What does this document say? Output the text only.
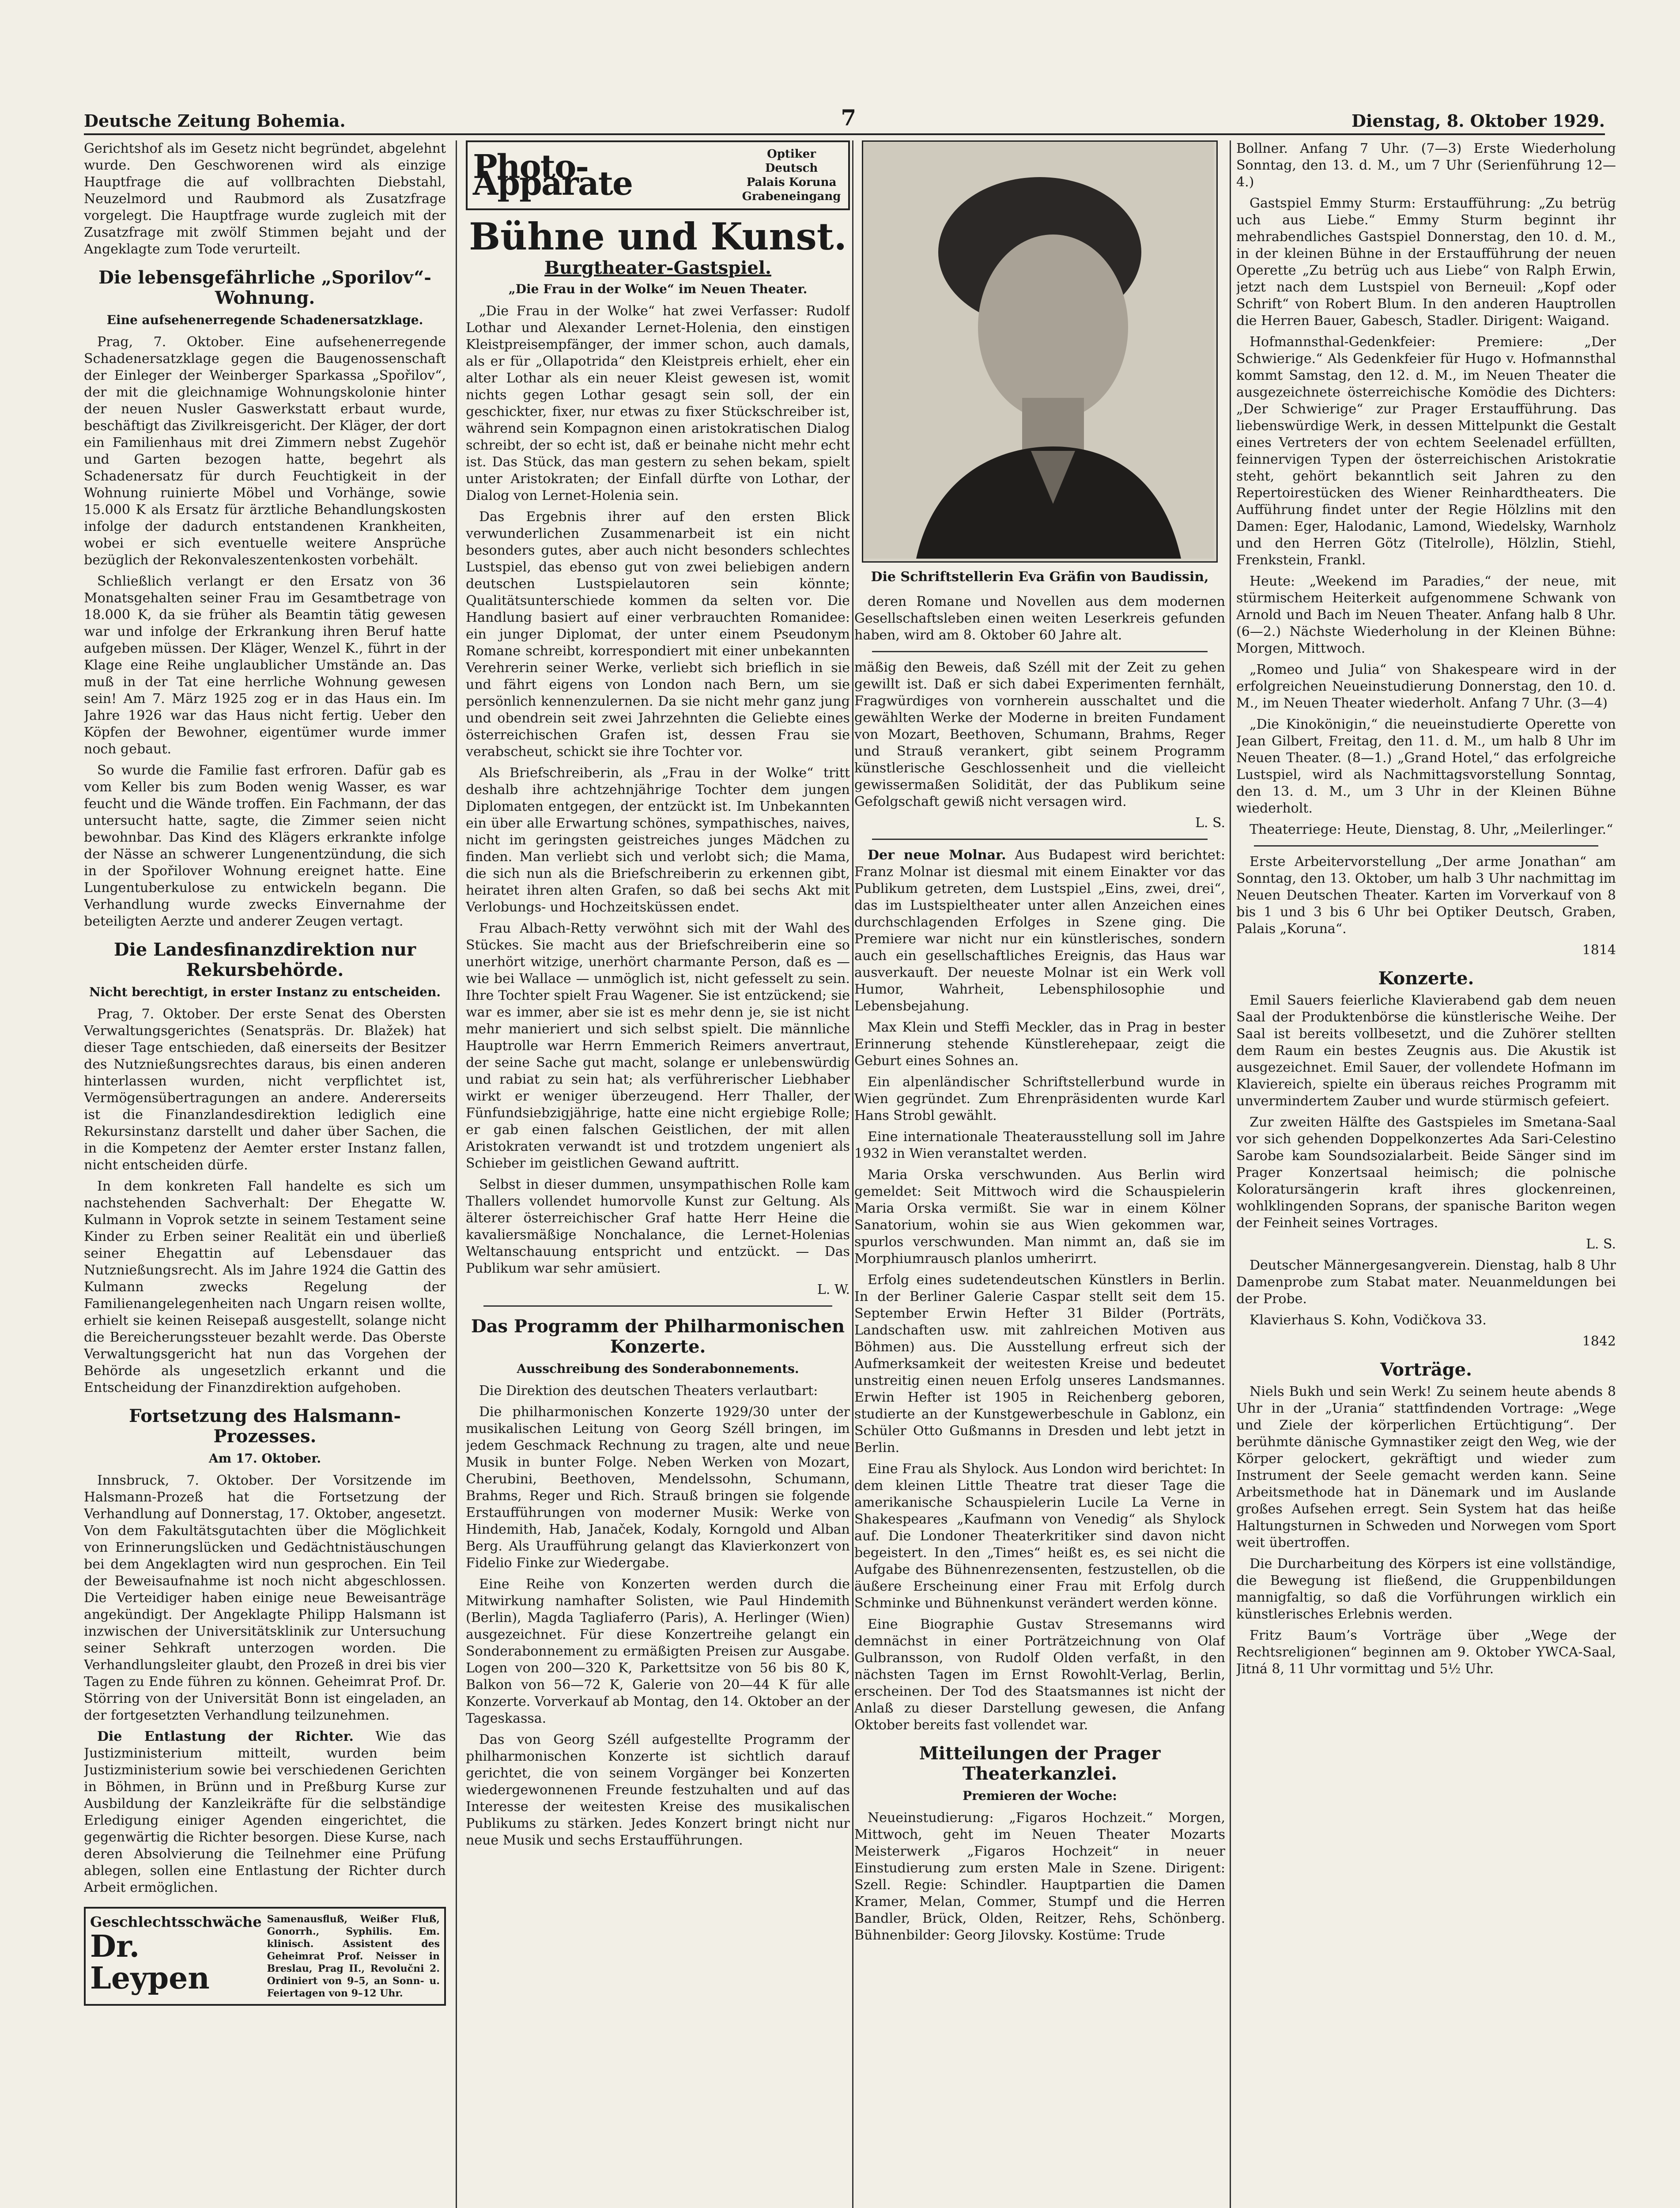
Deutsche Zeitung Bohemia.	7	Dienstag, 8. Oktober 1929.

Gerichtshof als im Gesetz nicht begründet, abgelehnt wurde. Den Geschworenen wird als einzige Hauptfrage die auf vollbrachten Diebstahl, Neuzelmord und Raubmord als Zusatzfrage vorgelegt. Die Hauptfrage wurde zugleich mit der Zusatzfrage mit zwölf Stimmen bejaht und der Angeklagte zum Tode verurteilt.

Die lebensgefährliche „Sporilov“-Wohnung.
Eine aufsehenerregende Schadenersatzklage.

Prag, 7. Oktober. Eine aufsehenerregende Schadenersatzklage gegen die Baugenossenschaft der Einleger der Weinberger Sparkassa „Spořilov“, der mit die gleichnamige Wohnungskolonie hinter der neuen Nusler Gaswerkstatt erbaut wurde, beschäftigt das Zivilkreisgericht. Der Kläger, der dort ein Familienhaus mit drei Zimmern nebst Zugehör und Garten bezogen hatte, begehrt als Schadenersatz für durch Feuchtigkeit in der Wohnung ruinierte Möbel und Vorhänge, sowie 15.000 K als Ersatz für ärztliche Behandlungskosten infolge der dadurch entstandenen Krankheiten, wobei er sich eventuelle weitere Ansprüche bezüglich der Rekonvaleszentenkosten vorbehält.

Schließlich verlangt er den Ersatz von 36 Monatsgehalten seiner Frau im Gesamtbetrage von 18.000 K, da sie früher als Beamtin tätig gewesen war und infolge der Erkrankung ihren Beruf hatte aufgeben müssen. Der Kläger, Wenzel K., führt in der Klage eine Reihe unglaublicher Umstände an. Das muß in der Tat eine herrliche Wohnung gewesen sein! Am 7. März 1925 zog er in das Haus ein. Im Jahre 1926 war das Haus nicht fertig. Ueber den Köpfen der Bewohner, eigentümer wurde immer noch gebaut.

So wurde die Familie fast erfroren. Dafür gab es vom Keller bis zum Boden wenig Wasser, es war feucht und die Wände troffen. Ein Fachmann, der das untersucht hatte, sagte, die Zimmer seien nicht bewohnbar. Das Kind des Klägers erkrankte infolge der Nässe an schwerer Lungenentzündung, die sich in der Spořilover Wohnung ereignet hatte. Eine Lungentuberkulose zu entwickeln begann. Die Verhandlung wurde zwecks Einvernahme der beteiligten Aerzte und anderer Zeugen vertagt.

Die Landesfinanzdirektion nur Rekursbehörde.
Nicht berechtigt, in erster Instanz zu entscheiden.

Prag, 7. Oktober. Der erste Senat des Obersten Verwaltungsgerichtes (Senatspräs. Dr. Blažek) hat dieser Tage entschieden, daß einerseits der Besitzer des Nutznießungsrechtes daraus, bis einen anderen hinterlassen wurden, nicht verpflichtet ist, Vermögensübertragungen an andere. Andererseits ist die Finanzlandesdirektion lediglich eine Rekursinstanz darstellt und daher über Sachen, die in die Kompetenz der Aemter erster Instanz fallen, nicht entscheiden dürfe.

In dem konkreten Fall handelte es sich um nachstehenden Sachverhalt: Der Ehegatte W. Kulmann in Voprok setzte in seinem Testament seine Kinder zu Erben seiner Realität ein und überließ seiner Ehegattin auf Lebensdauer das Nutznießungsrecht. Als im Jahre 1924 die Gattin des Kulmann zwecks Regelung der Familienangelegenheiten nach Ungarn reisen wollte, erhielt sie keinen Reisepaß ausgestellt, solange nicht die Bereicherungssteuer bezahlt werde. Das Oberste Verwaltungsgericht hat nun das Vorgehen der Behörde als ungesetzlich erkannt und die Entscheidung der Finanzdirektion aufgehoben.

Fortsetzung des Halsmann-Prozesses.
Am 17. Oktober.

Innsbruck, 7. Oktober. Der Vorsitzende im Halsmann-Prozeß hat die Fortsetzung der Verhandlung auf Donnerstag, 17. Oktober, angesetzt. Von dem Fakultätsgutachten über die Möglichkeit von Erinnerungslücken und Gedächtnistäuschungen bei dem Angeklagten wird nun gesprochen. Ein Teil der Beweisaufnahme ist noch nicht abgeschlossen. Die Verteidiger haben einige neue Beweisanträge angekündigt. Der Angeklagte Philipp Halsmann ist inzwischen der Universitätsklinik zur Untersuchung seiner Sehkraft unterzogen worden. Die Verhandlungsleiter glaubt, den Prozeß in drei bis vier Tagen zu Ende führen zu können. Geheimrat Prof. Dr. Störring von der Universität Bonn ist eingeladen, an der fortgesetzten Verhandlung teilzunehmen.

Die Entlastung der Richter. Wie das Justizministerium mitteilt, wurden beim Justizministerium sowie bei verschiedenen Gerichten in Böhmen, in Brünn und in Preßburg Kurse zur Ausbildung der Kanzleikräfte für die selbständige Erledigung einiger Agenden eingerichtet, die gegenwärtig die Richter besorgen. Diese Kurse, nach deren Absolvierung die Teilnehmer eine Prüfung ablegen, sollen eine Entlastung der Richter durch Arbeit ermöglichen.

Geschlechtsschwäche
Dr. Leypen
Samenausfluß, Weißer Fluß, Gonorrh., Syphilis. Em. klinisch. Assistent des Geheimrat Prof. Neisser in Breslau, Prag II., Revolučni 2. Ordiniert von 9–5, an Sonn- u. Feiertagen von 9–12 Uhr.
Photo-Apparate
Optiker Deutsch
Palais Koruna
Grabeneingang
Bühne und Kunst.
Burgtheater-Gastspiel.
„Die Frau in der Wolke“ im Neuen Theater.

„Die Frau in der Wolke“ hat zwei Verfasser: Rudolf Lothar und Alexander Lernet-Holenia, den einstigen Kleistpreisempfänger, der immer schon, auch damals, als er für „Ollapotrida“ den Kleistpreis erhielt, eher ein alter Lothar als ein neuer Kleist gewesen ist, womit nichts gegen Lothar gesagt sein soll, der ein geschickter, fixer, nur etwas zu fixer Stückschreiber ist, während sein Kompagnon einen aristokratischen Dialog schreibt, der so echt ist, daß er beinahe nicht mehr echt ist. Das Stück, das man gestern zu sehen bekam, spielt unter Aristokraten; der Einfall dürfte von Lothar, der Dialog von Lernet-Holenia sein.

Das Ergebnis ihrer auf den ersten Blick verwunderlichen Zusammenarbeit ist ein nicht besonders gutes, aber auch nicht besonders schlechtes Lustspiel, das ebenso gut von zwei beliebigen andern deutschen Lustspielautoren sein könnte; Qualitätsunterschiede kommen da selten vor. Die Handlung basiert auf einer verbrauchten Romanidee: ein junger Diplomat, der unter einem Pseudonym Romane schreibt, korrespondiert mit einer unbekannten Verehrerin seiner Werke, verliebt sich brieflich in sie und fährt eigens von London nach Bern, um sie persönlich kennenzulernen. Da sie nicht mehr ganz jung und obendrein seit zwei Jahrzehnten die Geliebte eines österreichischen Grafen ist, dessen Frau sie verabscheut, schickt sie ihre Tochter vor.

Als Briefschreiberin, als „Frau in der Wolke“ tritt deshalb ihre achtzehnjährige Tochter dem jungen Diplomaten entgegen, der entzückt ist. Im Unbekannten ein über alle Erwartung schönes, sympathisches, naives, nicht im geringsten geistreiches junges Mädchen zu finden. Man verliebt sich und verlobt sich; die Mama, die sich nun als die Briefschreiberin zu erkennen gibt, heiratet ihren alten Grafen, so daß bei sechs Akt mit Verlobungs- und Hochzeitsküssen endet.

Frau Albach-Retty verwöhnt sich mit der Wahl des Stückes. Sie macht aus der Briefschreiberin eine so unerhört witzige, unerhört charmante Person, daß es — wie bei Wallace — unmöglich ist, nicht gefesselt zu sein. Ihre Tochter spielt Frau Wagener. Sie ist entzückend; sie war es immer, aber sie ist es mehr denn je, sie ist nicht mehr manieriert und sich selbst spielt. Die männliche Hauptrolle war Herrn Emmerich Reimers anvertraut, der seine Sache gut macht, solange er unlebenswürdig und rabiat zu sein hat; als verführerischer Liebhaber wirkt er weniger überzeugend. Herr Thaller, der Fünfundsiebzigjährige, hatte eine nicht ergiebige Rolle; er gab einen falschen Geistlichen, der mit allen Aristokraten verwandt ist und trotzdem ungeniert als Schieber im geistlichen Gewand auftritt.

Selbst in dieser dummen, unsympathischen Rolle kam Thallers vollendet humorvolle Kunst zur Geltung. Als älterer österreichischer Graf hatte Herr Heine die kavaliersmäßige Nonchalance, die Lernet-Holenias Weltanschauung entspricht und entzückt. — Das Publikum war sehr amüsiert.

L. W.

Das Programm der Philharmonischen Konzerte.
Ausschreibung des Sonderabonnements.

Die Direktion des deutschen Theaters verlautbart:

Die philharmonischen Konzerte 1929/30 unter der musikalischen Leitung von Georg Széll bringen, im jedem Geschmack Rechnung zu tragen, alte und neue Musik in bunter Folge. Neben Werken von Mozart, Cherubini, Beethoven, Mendelssohn, Schumann, Brahms, Reger und Rich. Strauß bringen sie folgende Erstaufführungen von moderner Musik: Werke von Hindemith, Hab, Janaček, Kodaly, Korngold und Alban Berg. Als Uraufführung gelangt das Klavierkonzert von Fidelio Finke zur Wiedergabe.

Eine Reihe von Konzerten werden durch die Mitwirkung namhafter Solisten, wie Paul Hindemith (Berlin), Magda Tagliaferro (Paris), A. Herlinger (Wien) ausgezeichnet. Für diese Konzertreihe gelangt ein Sonderabonnement zu ermäßigten Preisen zur Ausgabe. Logen von 200—320 K, Parkettsitze von 56 bis 80 K, Balkon von 56—72 K, Galerie von 20—44 K für alle Konzerte. Vorverkauf ab Montag, den 14. Oktober an der Tageskassa.

Das von Georg Széll aufgestellte Programm der philharmonischen Konzerte ist sichtlich darauf gerichtet, die von seinem Vorgänger bei Konzerten wiedergewonnenen Freunde festzuhalten und auf das Interesse der weitesten Kreise des musikalischen Publikums zu stärken. Jedes Konzert bringt nicht nur neue Musik und sechs Erstaufführungen.

Die Schriftstellerin Eva Gräfin von Baudissin,

deren Romane und Novellen aus dem modernen Gesellschaftsleben einen weiten Leserkreis gefunden haben, wird am 8. Oktober 60 Jahre alt.

mäßig den Beweis, daß Széll mit der Zeit zu gehen gewillt ist. Daß er sich dabei Experimenten fernhält, Fragwürdiges von vornherein ausschaltet und die gewählten Werke der Moderne in breiten Fundament von Mozart, Beethoven, Schumann, Brahms, Reger und Strauß verankert, gibt seinem Programm künstlerische Geschlossenheit und die vielleicht gewissermaßen Solidität, der das Publikum seine Gefolgschaft gewiß nicht versagen wird.

L. S.

Der neue Molnar. Aus Budapest wird berichtet: Franz Molnar ist diesmal mit einem Einakter vor das Publikum getreten, dem Lustspiel „Eins, zwei, drei“, das im Lustspieltheater unter allen Anzeichen eines durchschlagenden Erfolges in Szene ging. Die Premiere war nicht nur ein künstlerisches, sondern auch ein gesellschaftliches Ereignis, das Haus war ausverkauft. Der neueste Molnar ist ein Werk voll Humor, Wahrheit, Lebensphilosophie und Lebensbejahung.

Max Klein und Steffi Meckler, das in Prag in bester Erinnerung stehende Künstlerehepaar, zeigt die Geburt eines Sohnes an.

Ein alpenländischer Schriftstellerbund wurde in Wien gegründet. Zum Ehrenpräsidenten wurde Karl Hans Strobl gewählt.

Eine internationale Theaterausstellung soll im Jahre 1932 in Wien veranstaltet werden.

Maria Orska verschwunden. Aus Berlin wird gemeldet: Seit Mittwoch wird die Schauspielerin Maria Orska vermißt. Sie war in einem Kölner Sanatorium, wohin sie aus Wien gekommen war, spurlos verschwunden. Man nimmt an, daß sie im Morphiumrausch planlos umherirrt.

Erfolg eines sudetendeutschen Künstlers in Berlin. In der Berliner Galerie Caspar stellt seit dem 15. September Erwin Hefter 31 Bilder (Porträts, Landschaften usw. mit zahlreichen Motiven aus Böhmen) aus. Die Ausstellung erfreut sich der Aufmerksamkeit der weitesten Kreise und bedeutet unstreitig einen neuen Erfolg unseres Landsmannes. Erwin Hefter ist 1905 in Reichenberg geboren, studierte an der Kunstgewerbeschule in Gablonz, ein Schüler Otto Gußmanns in Dresden und lebt jetzt in Berlin.

Eine Frau als Shylock. Aus London wird berichtet: In dem kleinen Little Theatre trat dieser Tage die amerikanische Schauspielerin Lucile La Verne in Shakespeares „Kaufmann von Venedig“ als Shylock auf. Die Londoner Theaterkritiker sind davon nicht begeistert. In den „Times“ heißt es, es sei nicht die Aufgabe des Bühnenrezensenten, festzustellen, ob die äußere Erscheinung einer Frau mit Erfolg durch Schminke und Bühnenkunst verändert werden könne.

Eine Biographie Gustav Stresemanns wird demnächst in einer Porträtzeichnung von Olaf Gulbransson, von Rudolf Olden verfaßt, in den nächsten Tagen im Ernst Rowohlt-Verlag, Berlin, erscheinen. Der Tod des Staatsmannes ist nicht der Anlaß zu dieser Darstellung gewesen, die Anfang Oktober bereits fast vollendet war.

Mitteilungen der Prager Theaterkanzlei.
Premieren der Woche:

Neueinstudierung: „Figaros Hochzeit.“ Morgen, Mittwoch, geht im Neuen Theater Mozarts Meisterwerk „Figaros Hochzeit“ in neuer Einstudierung zum ersten Male in Szene. Dirigent: Szell. Regie: Schindler. Hauptpartien die Damen Kramer, Melan, Commer, Stumpf und die Herren Bandler, Brück, Olden, Reitzer, Rehs, Schönberg. Bühnenbilder: Georg Jilovsky. Kostüme: Trude

Bollner. Anfang 7 Uhr. (7—3) Erste Wiederholung Sonntag, den 13. d. M., um 7 Uhr (Serienführung 12—4.)

Gastspiel Emmy Sturm: Erstaufführung: „Zu betrüg uch aus Liebe.“ Emmy Sturm beginnt ihr mehrabendliches Gastspiel Donnerstag, den 10. d. M., in der kleinen Bühne in der Erstaufführung der neuen Operette „Zu betrüg uch aus Liebe“ von Ralph Erwin, jetzt nach dem Lustspiel von Berneuil: „Kopf oder Schrift“ von Robert Blum. In den anderen Hauptrollen die Herren Bauer, Gabesch, Stadler. Dirigent: Waigand.

Hofmannsthal-Gedenkfeier: Premiere: „Der Schwierige.“ Als Gedenkfeier für Hugo v. Hofmannsthal kommt Samstag, den 12. d. M., im Neuen Theater die ausgezeichnete österreichische Komödie des Dichters: „Der Schwierige“ zur Prager Erstaufführung. Das liebenswürdige Werk, in dessen Mittelpunkt die Gestalt eines Vertreters der von echtem Seelenadel erfüllten, feinnervigen Typen der österreichischen Aristokratie steht, gehört bekanntlich seit Jahren zu den Repertoirestücken des Wiener Reinhardtheaters. Die Aufführung findet unter der Regie Hölzlins mit den Damen: Eger, Halodanic, Lamond, Wiedelsky, Warnholz und den Herren Götz (Titelrolle), Hölzlin, Stiehl, Frenkstein, Frankl.

Heute: „Weekend im Paradies,“ der neue, mit stürmischem Heiterkeit aufgenommene Schwank von Arnold und Bach im Neuen Theater. Anfang halb 8 Uhr. (6—2.) Nächste Wiederholung in der Kleinen Bühne: Morgen, Mittwoch.

„Romeo und Julia“ von Shakespeare wird in der erfolgreichen Neueinstudierung Donnerstag, den 10. d. M., im Neuen Theater wiederholt. Anfang 7 Uhr. (3—4)

„Die Kinokönigin,“ die neueinstudierte Operette von Jean Gilbert, Freitag, den 11. d. M., um halb 8 Uhr im Neuen Theater. (8—1.) „Grand Hotel,“ das erfolgreiche Lustspiel, wird als Nachmittagsvorstellung Sonntag, den 13. d. M., um 3 Uhr in der Kleinen Bühne wiederholt.

Theaterriege: Heute, Dienstag, 8. Uhr, „Meilerlinger.“

Erste Arbeitervorstellung „Der arme Jonathan“ am Sonntag, den 13. Oktober, um halb 3 Uhr nachmittag im Neuen Deutschen Theater. Karten im Vorverkauf von 8 bis 1 und 3 bis 6 Uhr bei Optiker Deutsch, Graben, Palais „Koruna“.

1814

Konzerte.

Emil Sauers feierliche Klavierabend gab dem neuen Saal der Produktenbörse die künstlerische Weihe. Der Saal ist bereits vollbesetzt, und die Zuhörer stellten dem Raum ein bestes Zeugnis aus. Die Akustik ist ausgezeichnet. Emil Sauer, der vollendete Hofmann im Klaviereich, spielte ein überaus reiches Programm mit unvermindertem Zauber und wurde stürmisch gefeiert.

Zur zweiten Hälfte des Gastspieles im Smetana-Saal vor sich gehenden Doppelkonzertes Ada Sari-Celestino Sarobe kam Soundsozialarbeit. Beide Sänger sind im Prager Konzertsaal heimisch; die polnische Koloratursängerin kraft ihres glockenreinen, wohlklingenden Soprans, der spanische Bariton wegen der Feinheit seines Vortrages.

L. S.

Deutscher Männergesangverein. Dienstag, halb 8 Uhr Damenprobe zum Stabat mater. Neuanmeldungen bei der Probe.

Klavierhaus S. Kohn, Vodičkova 33.

1842

Vorträge.

Niels Bukh und sein Werk! Zu seinem heute abends 8 Uhr in der „Urania“ stattfindenden Vortrage: „Wege und Ziele der körperlichen Ertüchtigung“. Der berühmte dänische Gymnastiker zeigt den Weg, wie der Körper gelockert, gekräftigt und wieder zum Instrument der Seele gemacht werden kann. Seine Arbeitsmethode hat in Dänemark und im Auslande großes Aufsehen erregt. Sein System hat das heiße Haltungsturnen in Schweden und Norwegen vom Sport weit übertroffen.

Die Durcharbeitung des Körpers ist eine vollständige, die Bewegung ist fließend, die Gruppenbildungen mannigfaltig, so daß die Vorführungen wirklich ein künstlerisches Erlebnis werden.

Fritz Baum’s Vorträge über „Wege der Rechtsreligionen“ beginnen am 9. Oktober YWCA-Saal, Jitná 8, 11 Uhr vormittag und 5½ Uhr.
